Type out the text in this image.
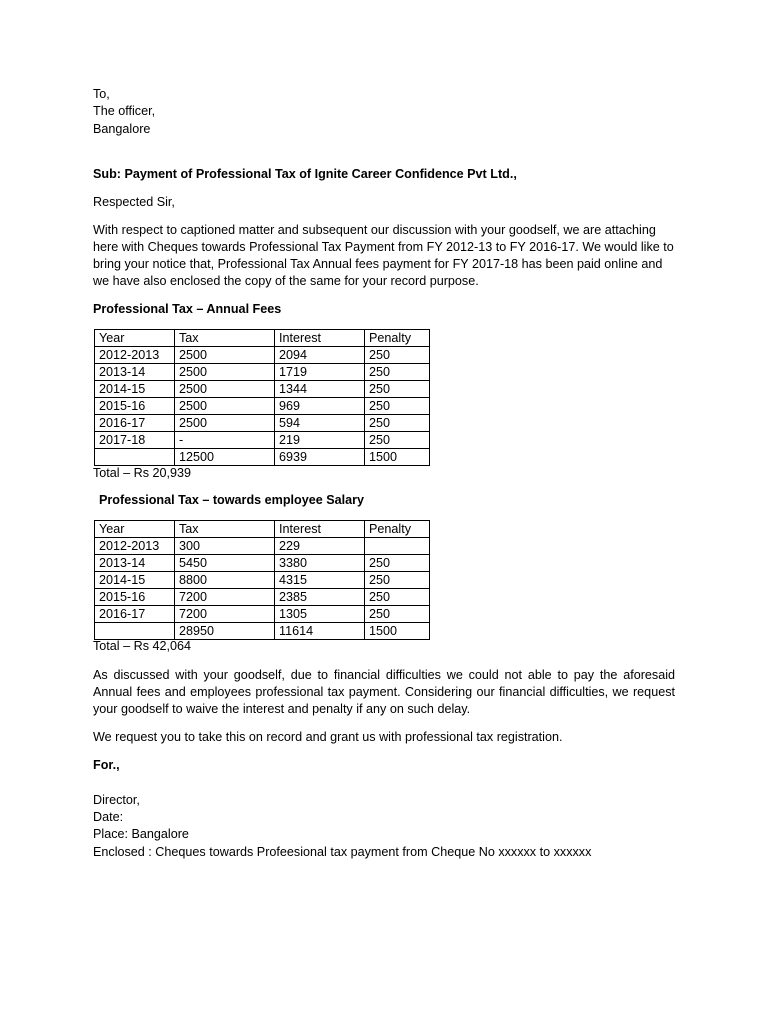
To,
The officer,
Bangalore
Sub: Payment of Professional Tax of Ignite Career Confidence Pvt Ltd.,
Respected Sir,
With respect to captioned matter and subsequent our discussion with your goodself, we are attaching here with Cheques towards Professional Tax Payment from FY 2012-13 to FY 2016-17. We would like to bring your notice that, Professional Tax Annual fees payment for FY 2017-18 has been paid online and we have also enclosed the copy of the same for your record purpose.
Professional Tax – Annual Fees
Year	Tax	Interest	Penalty
2012-2013	2500	2094	250
2013-14	2500	1719	250
2014-15	2500	1344	250
2015-16	2500	969	250
2016-17	2500	594	250
2017-18	-	219	250
	12500	6939	1500
Total – Rs 20,939
Professional Tax – towards employee Salary
Year	Tax	Interest	Penalty
2012-2013	300	229	
2013-14	5450	3380	250
2014-15	8800	4315	250
2015-16	7200	2385	250
2016-17	7200	1305	250
	28950	11614	1500
Total – Rs 42,064
As discussed with your goodself, due to financial difficulties we could not able to pay the aforesaid Annual fees and employees professional tax payment. Considering our financial difficulties, we request your goodself to waive the interest and penalty if any on such delay.
We request you to take this on record and grant us with professional tax registration.
For.,
Director,
Date:
Place: Bangalore
Enclosed : Cheques towards Profeesional tax payment from Cheque No xxxxxx to xxxxxx
